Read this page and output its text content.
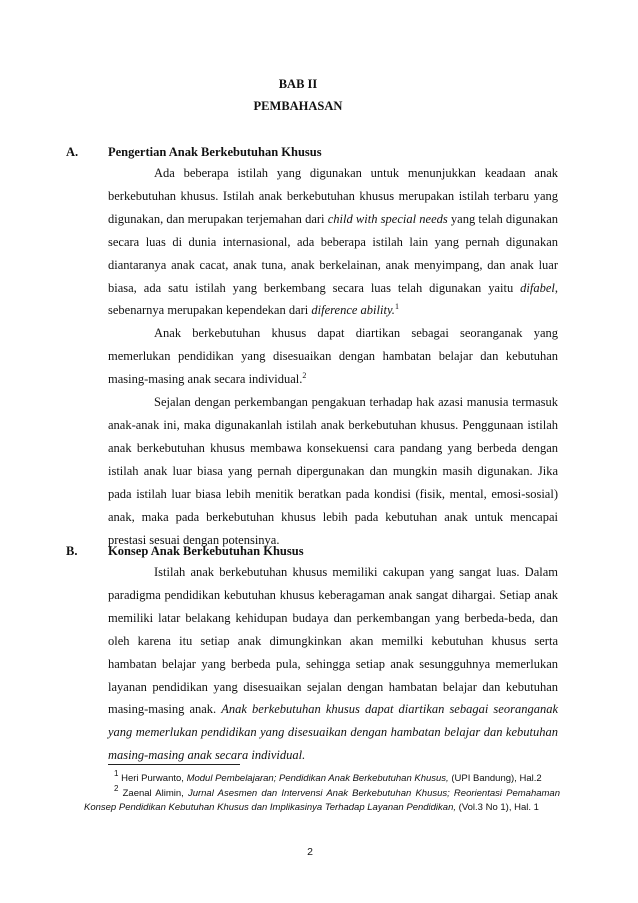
BAB II
PEMBAHASAN
A. Pengertian Anak Berkebutuhan Khusus

Ada beberapa istilah yang digunakan untuk menunjukkan keadaan anak berkebutuhan khusus. Istilah anak berkebutuhan khusus merupakan istilah terbaru yang digunakan, dan merupakan terjemahan dari child with special needs yang telah digunakan secara luas di dunia internasional, ada beberapa istilah lain yang pernah digunakan diantaranya anak cacat, anak tuna, anak berkelainan, anak menyimpang, dan anak luar biasa, ada satu istilah yang berkembang secara luas telah digunakan yaitu difabel, sebenarnya merupakan kependekan dari diference ability.$^1$

Anak berkebutuhan khusus dapat diartikan sebagai seoranganak yang memerlukan pendidikan yang disesuaikan dengan hambatan belajar dan kebutuhan masing-masing anak secara individual.$^2$

Sejalan dengan perkembangan pengakuan terhadap hak azasi manusia termasuk anak-anak ini, maka digunakanlah istilah anak berkebutuhan khusus. Penggunaan istilah anak berkebutuhan khusus membawa konsekuensi cara pandang yang berbeda dengan istilah anak luar biasa yang pernah dipergunakan dan mungkin masih digunakan. Jika pada istilah luar biasa lebih menitik beratkan pada kondisi (fisik, mental, emosi-sosial) anak, maka pada berkebutuhan khusus lebih pada kebutuhan anak untuk mencapai prestasi sesuai dengan potensinya.

B. Konsep Anak Berkebutuhan Khusus

Istilah anak berkebutuhan khusus memiliki cakupan yang sangat luas. Dalam paradigma pendidikan kebutuhan khusus keberagaman anak sangat dihargai. Setiap anak memiliki latar belakang kehidupan budaya dan perkembangan yang berbeda-beda, dan oleh karena itu setiap anak dimungkinkan akan memilki kebutuhan khusus serta hambatan belajar yang berbeda pula, sehingga setiap anak sesungguhnya memerlukan layanan pendidikan yang disesuaikan sejalan dengan hambatan belajar dan kebutuhan masing-masing anak. Anak berkebutuhan khusus dapat diartikan sebagai seoranganak yang memerlukan pendidikan yang disesuaikan dengan hambatan belajar dan kebutuhan masing-masing anak secara individual.

$^1$ Heri Purwanto, Modul Pembelajaran; Pendidikan Anak Berkebutuhan Khusus, (UPI Bandung), Hal.2

$^2$ Zaenal Alimin, Jurnal Asesmen dan Intervensi Anak Berkebutuhan Khusus; Reorientasi Pemahaman Konsep Pendidikan Kebutuhan Khusus dan Implikasinya Terhadap Layanan Pendidikan, (Vol.3 No 1), Hal. 1

2
